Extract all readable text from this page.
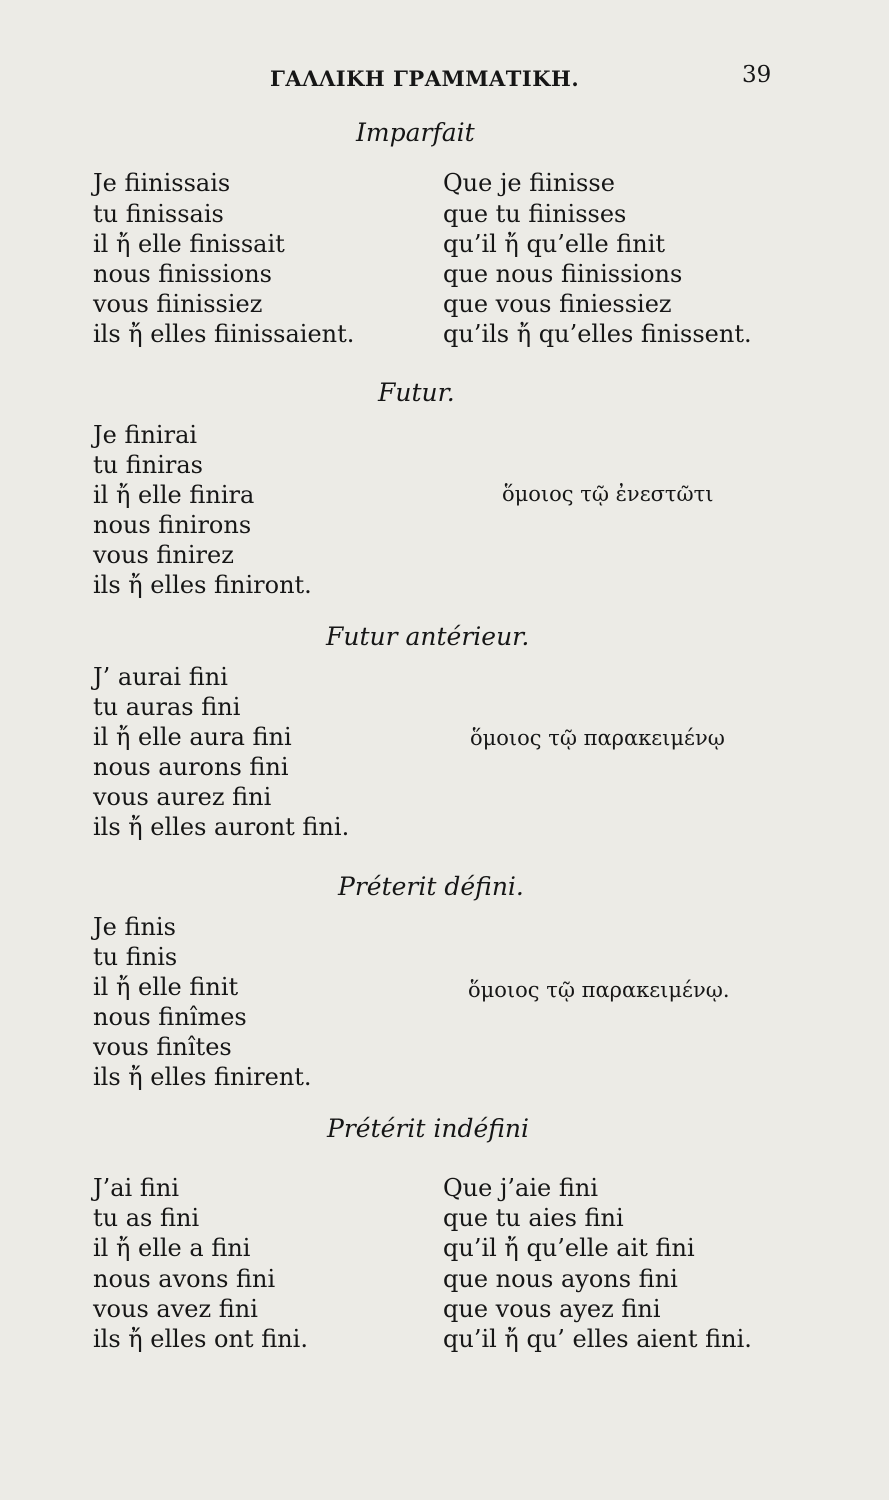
ΓΑΛΛΙΚΗ ΓΡΑΜΜΑΤΙΚΗ.	39
Imparfait
Je fiinissais
tu finissais
il ἤ elle finissait
nous finissions
vous fiinissiez
ils ἤ elles fiinissaient.
Que je fiinisse
que tu fiinisses
qu’il ἤ qu’elle finit
que nous fiinissions
que vous finiessiez
qu’ils ἤ qu’elles finissent.
Futur.
Je finirai
tu finiras
il ἤ elle finira
nous finirons
vous finirez
ils ἤ elles finiront.
ὅμοιος τῷ ἐνεστῶτι
Futur antérieur.
J’ aurai fini
tu auras fini
il ἤ elle aura fini
nous aurons fini
vous aurez fini
ils ἤ elles auront fini.
ὅμοιος τῷ παρακειμένῳ
Préterit défini.
Je finis
tu finis
il ἤ elle finit
nous finîmes
vous finîtes
ils ἤ elles finirent.
ὅμοιος τῷ παρακειμένῳ.
Prétérit indéfini
J’ai fini
tu as fini
il ἤ elle a fini
nous avons fini
vous avez fini
ils ἤ elles ont fini.
Que j’aie fini
que tu aies fini
qu’il ἤ qu’elle ait fini
que nous ayons fini
que vous ayez fini
qu’il ἤ qu’ elles aient fini.
